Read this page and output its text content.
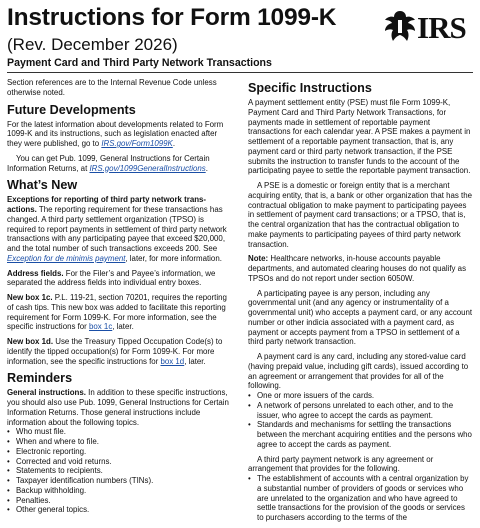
Instructions for Form 1099-K
(Rev. December 2026)
Payment Card and Third Party Network Transactions
IRS

Section references are to the Internal Revenue Code unless otherwise noted.

Future Developments

For the latest information about developments related to Form 1099-K and its instructions, such as legislation enacted after they were published, go to IRS.gov/Form1099K.

You can get Pub. 1099, General Instructions for Certain Information Returns, at IRS.gov/1099GeneralInstructions.

What’s New

Exceptions for reporting of third party network trans-actions. The reporting requirement for these transactions has changed. A third party settlement organization (TPSO) is required to report payments in settlement of third party network transactions with any participating payee that exceed $20,000, and the total number of such transactions exceeds 200. See Exception for de minimis payment, later, for more information.

Address fields. For the Filer’s and Payee’s information, we separated the address fields into individual entry boxes.

New box 1c. P.L. 119-21, section 70201, requires the reporting of cash tips. This new box was added to facilitate this reporting requirement for Form 1099-K. For more information, see the specific instructions for box 1c, later.

New box 1d. Use the Treasury Tipped Occupation Code(s) to identify the tipped occupation(s) for Form 1099-K. For more information, see the specific instructions for box 1d, later.

Reminders

General instructions. In addition to these specific instructions, you should also use Pub. 1099, General Instructions for Certain Information Returns. Those general instructions include information about the following topics.

• Who must file.
• When and where to file.
• Electronic reporting.
• Corrected and void returns.
• Statements to recipients.
• Taxpayer identification numbers (TINs).
• Backup withholding.
• Penalties.
• Other general topics.
Specific Instructions

A payment settlement entity (PSE) must file Form 1099-K, Payment Card and Third Party Network Transactions, for payments made in settlement of reportable payment transactions for each calendar year. A PSE makes a payment in settlement of a reportable payment transaction, that is, any payment card or third party network transaction, if the PSE submits the instruction to transfer funds to the account of the participating payee to settle the reportable payment transaction.

A PSE is a domestic or foreign entity that is a merchant acquiring entity, that is, a bank or other organization that has the contractual obligation to make payment to participating payees in settlement of payment card transactions; or a TPSO, that is, the central organization that has the contractual obligation to make payments to participating payees of third party network transaction.

Note: Healthcare networks, in-house accounts payable departments, and automated clearing houses do not qualify as TPSOs and do not report under section 6050W.

A participating payee is any person, including any governmental unit (and any agency or instrumentality of a governmental unit) who accepts a payment card, or any account number or other indicia associated with a payment card, as payment or accepts payment from a TPSO in settlement of a third party network transaction.

A payment card is any card, including any stored-value card (having prepaid value, including gift cards), issued according to an agreement or arrangement that provides for all of the following.

• One or more issuers of the cards.
• A network of persons unrelated to each other, and to the issuer, who agree to accept the cards as payment.
• Standards and mechanisms for settling the transactions between the merchant acquiring entities and the persons who agree to accept the cards as payment.

A third party payment network is any agreement or arrangement that provides for the following.

• The establishment of accounts with a central organization by a substantial number of providers of goods or services who are unrelated to the organization and who have agreed to settle transactions for the provision of the goods or services to purchasers according to the terms of the
